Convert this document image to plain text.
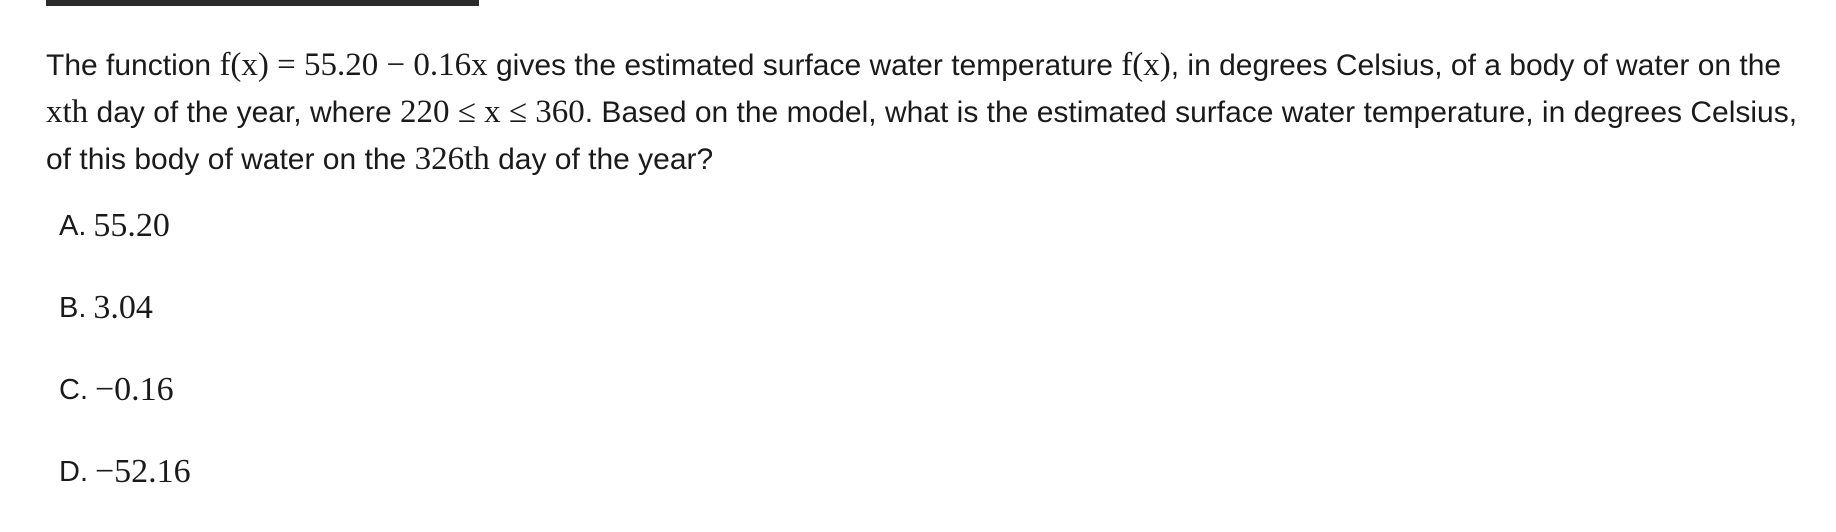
The function f(x) = 55.20 − 0.16x gives the estimated surface water temperature f(x), in degrees Celsius, of a body of water on the xth day of the year, where 220 ≤ x ≤ 360. Based on the model, what is the estimated surface water temperature, in degrees Celsius, of this body of water on the 326th day of the year?

A. 55.20
B. 3.04
C. −0.16
D. −52.16
